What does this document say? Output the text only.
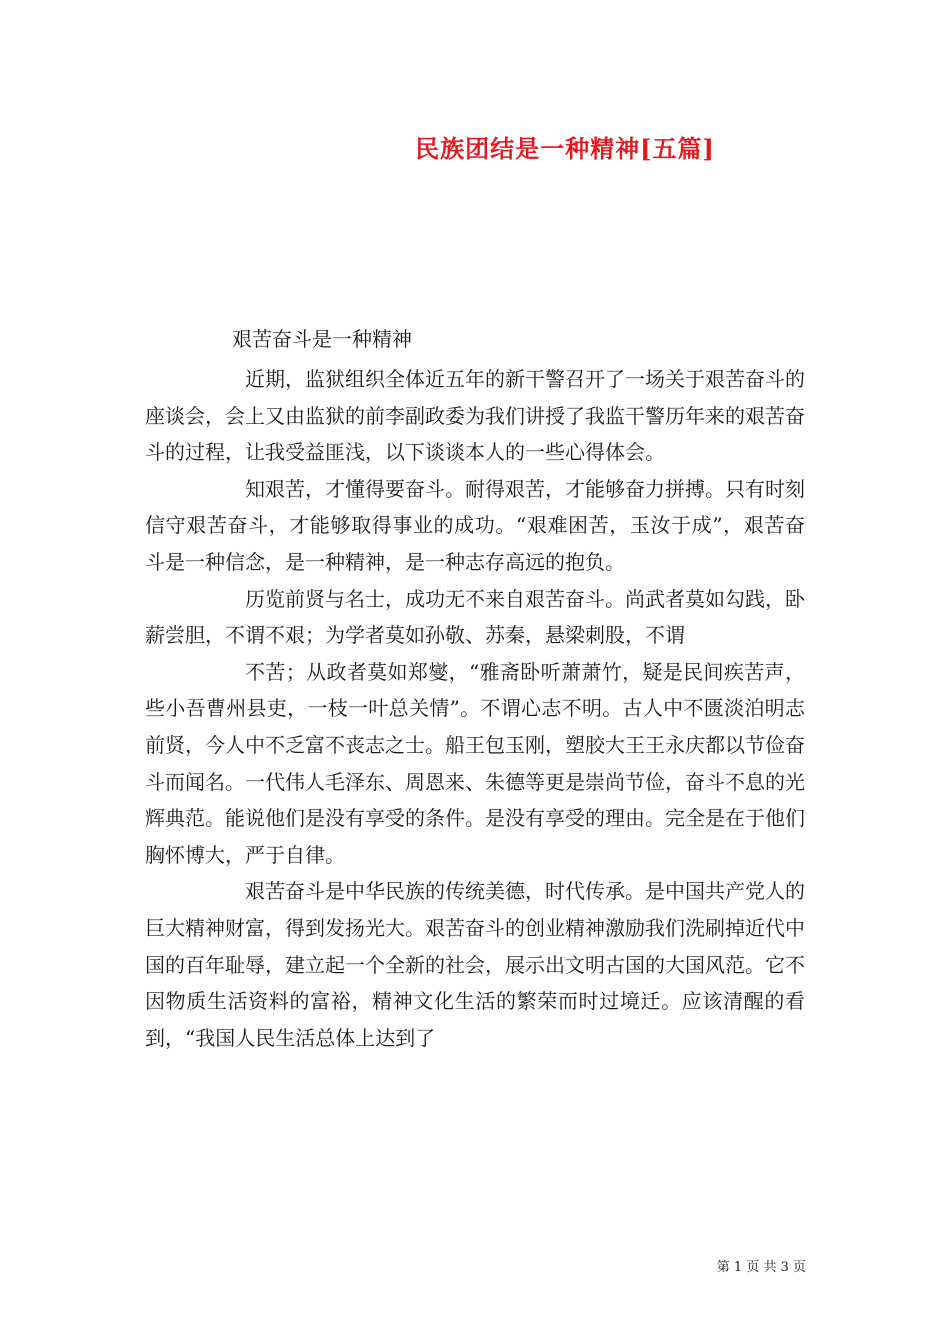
民族团结是一种精神[五篇]
艰苦奋斗是一种精神

近期，监狱组织全体近五年的新干警召开了一场关于艰苦奋斗的座谈会，会上又由监狱的前李副政委为我们讲授了我监干警历年来的艰苦奋斗的过程，让我受益匪浅，以下谈谈本人的一些心得体会。

知艰苦，才懂得要奋斗。耐得艰苦，才能够奋力拼搏。只有时刻信守艰苦奋斗，才能够取得事业的成功。“艰难困苦，玉汝于成”，艰苦奋斗是一种信念，是一种精神，是一种志存高远的抱负。

历览前贤与名士，成功无不来自艰苦奋斗。尚武者莫如勾践，卧薪尝胆，不谓不艰；为学者莫如孙敬、苏秦，悬梁刺股，不谓

不苦；从政者莫如郑燮，“雅斋卧听萧萧竹，疑是民间疾苦声，些小吾曹州县吏，一枝一叶总关情”。不谓心志不明。古人中不匮淡泊明志前贤，今人中不乏富不丧志之士。船王包玉刚，塑胶大王王永庆都以节俭奋斗而闻名。一代伟人毛泽东、周恩来、朱德等更是崇尚节俭，奋斗不息的光辉典范。能说他们是没有享受的条件。是没有享受的理由。完全是在于他们胸怀博大，严于自律。

艰苦奋斗是中华民族的传统美德，时代传承。是中国共产党人的巨大精神财富，得到发扬光大。艰苦奋斗的创业精神激励我们洗刷掉近代中国的百年耻辱，建立起一个全新的社会，展示出文明古国的大国风范。它不因物质生活资料的富裕，精神文化生活的繁荣而时过境迁。应该清醒的看到，“我国人民生活总体上达到了

第 1 页 共 3 页
